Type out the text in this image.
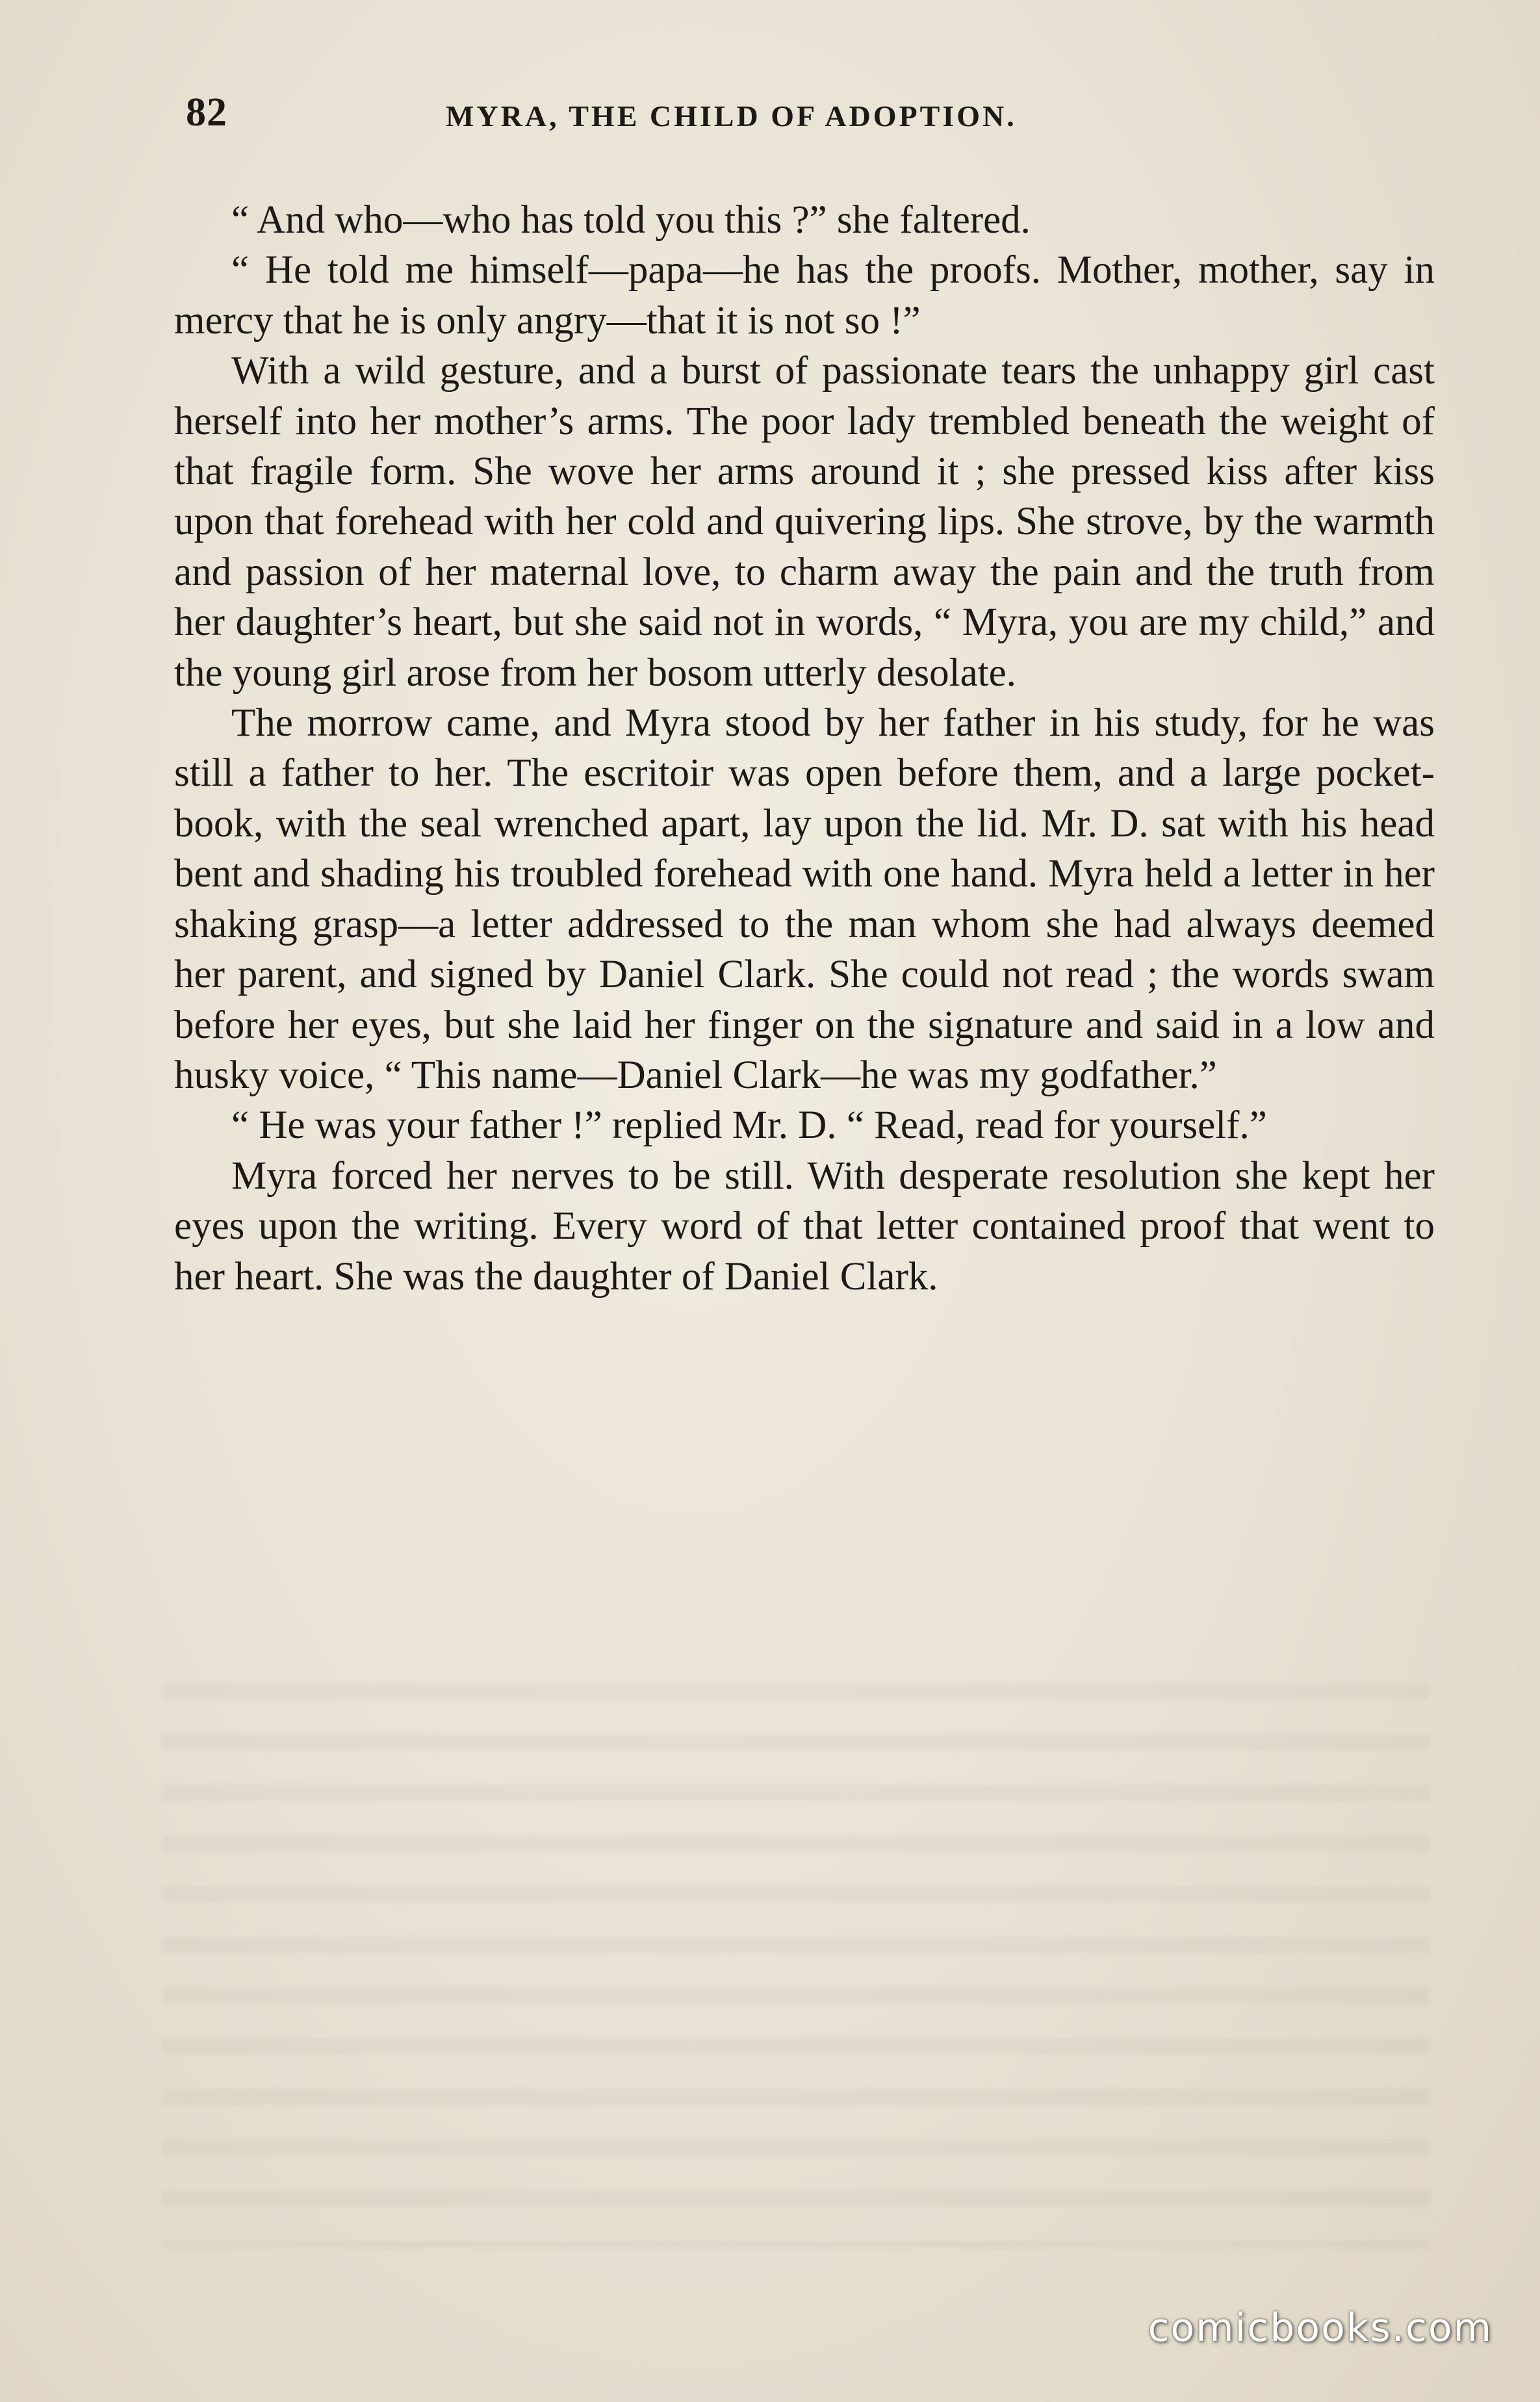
82	MYRA, THE CHILD OF ADOPTION.

“ And who—who has told you this ?” she faltered.

“ He told me himself—papa—he has the proofs. Mother, mother, say in mercy that he is only angry—that it is not so !”

With a wild gesture, and a burst of passionate tears the unhappy girl cast herself into her mother’s arms. The poor lady trembled beneath the weight of that fragile form. She wove her arms around it ; she pressed kiss after kiss upon that forehead with her cold and quivering lips. She strove, by the warmth and passion of her maternal love, to charm away the pain and the truth from her daughter’s heart, but she said not in words, “ Myra, you are my child,” and the young girl arose from her bosom utterly desolate.

The morrow came, and Myra stood by her father in his study, for he was still a father to her. The escritoir was open before them, and a large pocket-book, with the seal wrenched apart, lay upon the lid. Mr. D. sat with his head bent and shading his troubled forehead with one hand. Myra held a letter in her shaking grasp—a letter addressed to the man whom she had always deemed her parent, and signed by Daniel Clark. She could not read ; the words swam before her eyes, but she laid her finger on the signature and said in a low and husky voice, “ This name—Daniel Clark—he was my godfather.”

“ He was your father !” replied Mr. D. “ Read, read for yourself.”

Myra forced her nerves to be still. With desperate resolution she kept her eyes upon the writing. Every word of that letter contained proof that went to her heart. She was the daughter of Daniel Clark.

comicbooks.com
